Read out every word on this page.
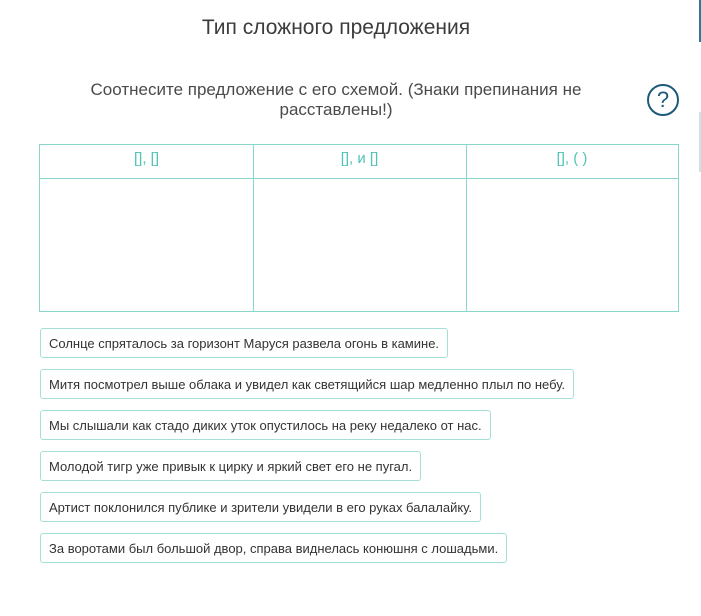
Тип сложного предложения
Соотнесите предложение с его схемой. (Знаки препинания не расставлены!)	?
[], []	[], и []	[], ( )
Солнце спряталось за горизонт Маруся развела огонь в камине.
Митя посмотрел выше облака и увидел как светящийся шар медленно плыл по небу.
Мы слышали как стадо диких уток опустилось на реку недалеко от нас.
Молодой тигр уже привык к цирку и яркий свет его не пугал.
Артист поклонился публике и зрители увидели в его руках балалайку.
За воротами был большой двор, справа виднелась конюшня с лошадьми.
